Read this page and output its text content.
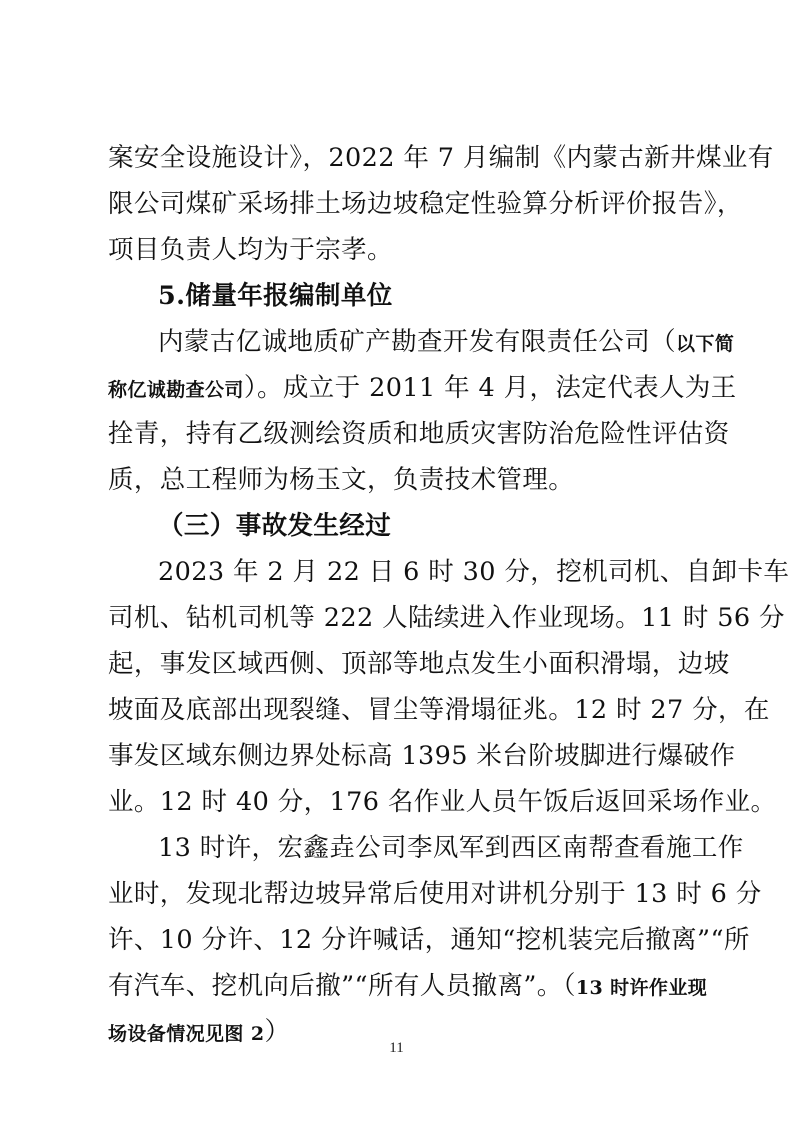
案安全设施设计》，2022 年 7 月编制《内蒙古新井煤业有
限公司煤矿采场排土场边坡稳定性验算分析评价报告》，
项目负责人均为于宗孝。
5.储量年报编制单位
内蒙古亿诚地质矿产勘查开发有限责任公司（以下简
称亿诚勘查公司）。成立于 2011 年 4 月，法定代表人为王
拴青，持有乙级测绘资质和地质灾害防治危险性评估资
质，总工程师为杨玉文，负责技术管理。
（三）事故发生经过
2023 年 2 月 22 日 6 时 30 分，挖机司机、自卸卡车
司机、钻机司机等 222 人陆续进入作业现场。11 时 56 分
起，事发区域西侧、顶部等地点发生小面积滑塌，边坡
坡面及底部出现裂缝、冒尘等滑塌征兆。12 时 27 分，在
事发区域东侧边界处标高 1395 米台阶坡脚进行爆破作
业。12 时 40 分，176 名作业人员午饭后返回采场作业。
13 时许，宏鑫垚公司李凤军到西区南帮查看施工作
业时，发现北帮边坡异常后使用对讲机分别于 13 时 6 分
许、10 分许、12 分许喊话，通知“挖机装完后撤离”“所
有汽车、挖机向后撤”“所有人员撤离”。（13 时许作业现
场设备情况见图 2）
11
